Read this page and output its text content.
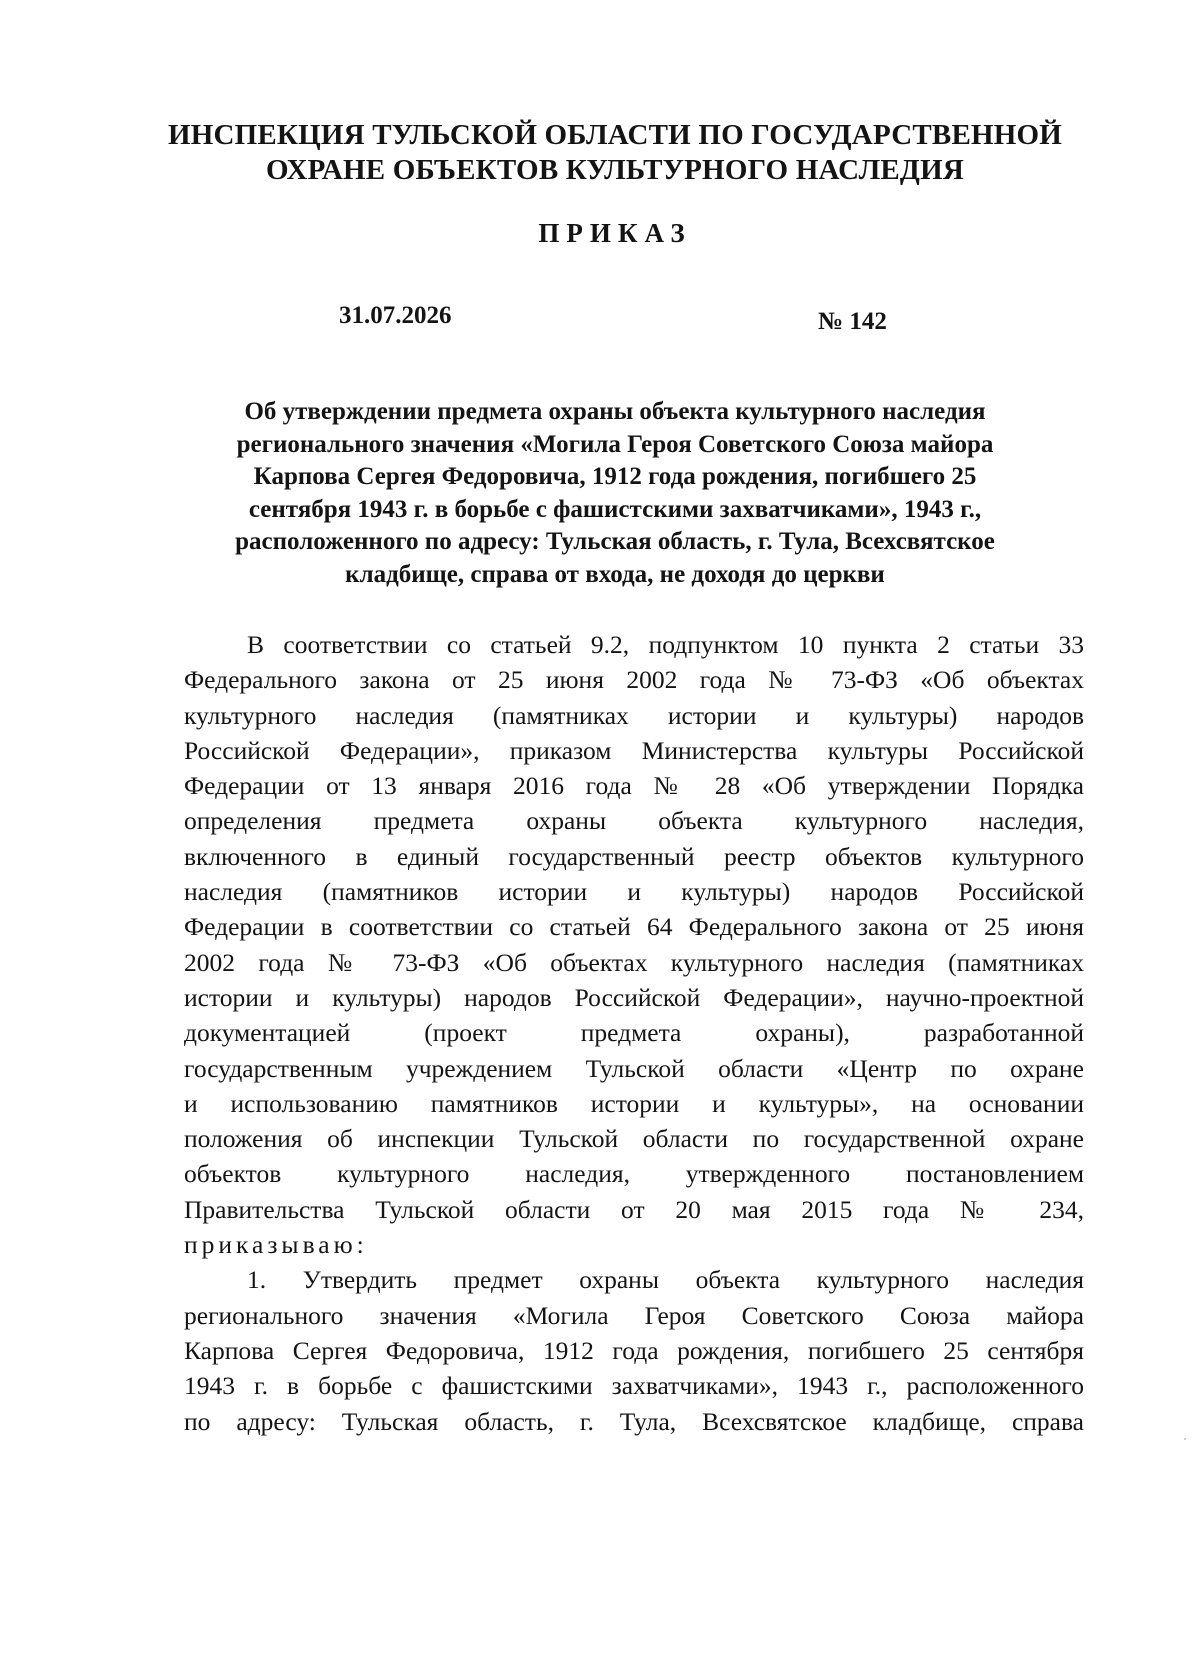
ИНСПЕКЦИЯ ТУЛЬСКОЙ ОБЛАСТИ ПО ГОСУДАРСТВЕННОЙ
ОХРАНЕ ОБЪЕКТОВ КУЛЬТУРНОГО НАСЛЕДИЯ
ПРИКАЗ
31.07.2026	№ 142
Об утверждении предмета охраны объекта культурного наследия
регионального значения «Могила Героя Советского Союза майора
Карпова Сергея Федоровича, 1912 года рождения, погибшего 25
сентября 1943 г. в борьбе с фашистскими захватчиками», 1943 г.,
расположенного по адресу: Тульская область, г. Тула, Всехсвятское
кладбище, справа от входа, не доходя до церкви
В соответствии со статьей 9.2, подпунктом 10 пункта 2 статьи 33
Федерального закона от 25 июня 2002 года № 73-ФЗ «Об объектах
культурного наследия (памятниках истории и культуры) народов
Российской Федерации», приказом Министерства культуры Российской
Федерации от 13 января 2016 года № 28 «Об утверждении Порядка
определения предмета охраны объекта культурного наследия,
включенного в единый государственный реестр объектов культурного
наследия (памятников истории и культуры) народов Российской
Федерации в соответствии со статьей 64 Федерального закона от 25 июня
2002 года № 73-ФЗ «Об объектах культурного наследия (памятниках
истории и культуры) народов Российской Федерации», научно-проектной
документацией (проект предмета охраны), разработанной
государственным учреждением Тульской области «Центр по охране
и использованию памятников истории и культуры», на основании
положения об инспекции Тульской области по государственной охране
объектов культурного наследия, утвержденного постановлением
Правительства Тульской области от 20 мая 2015 года № 234,
приказываю:
1. Утвердить предмет охраны объекта культурного наследия
регионального значения «Могила Героя Советского Союза майора
Карпова Сергея Федоровича, 1912 года рождения, погибшего 25 сентября
1943 г. в борьбе с фашистскими захватчиками», 1943 г., расположенного
по адресу: Тульская область, г. Тула, Всехсвятское кладбище, справа
